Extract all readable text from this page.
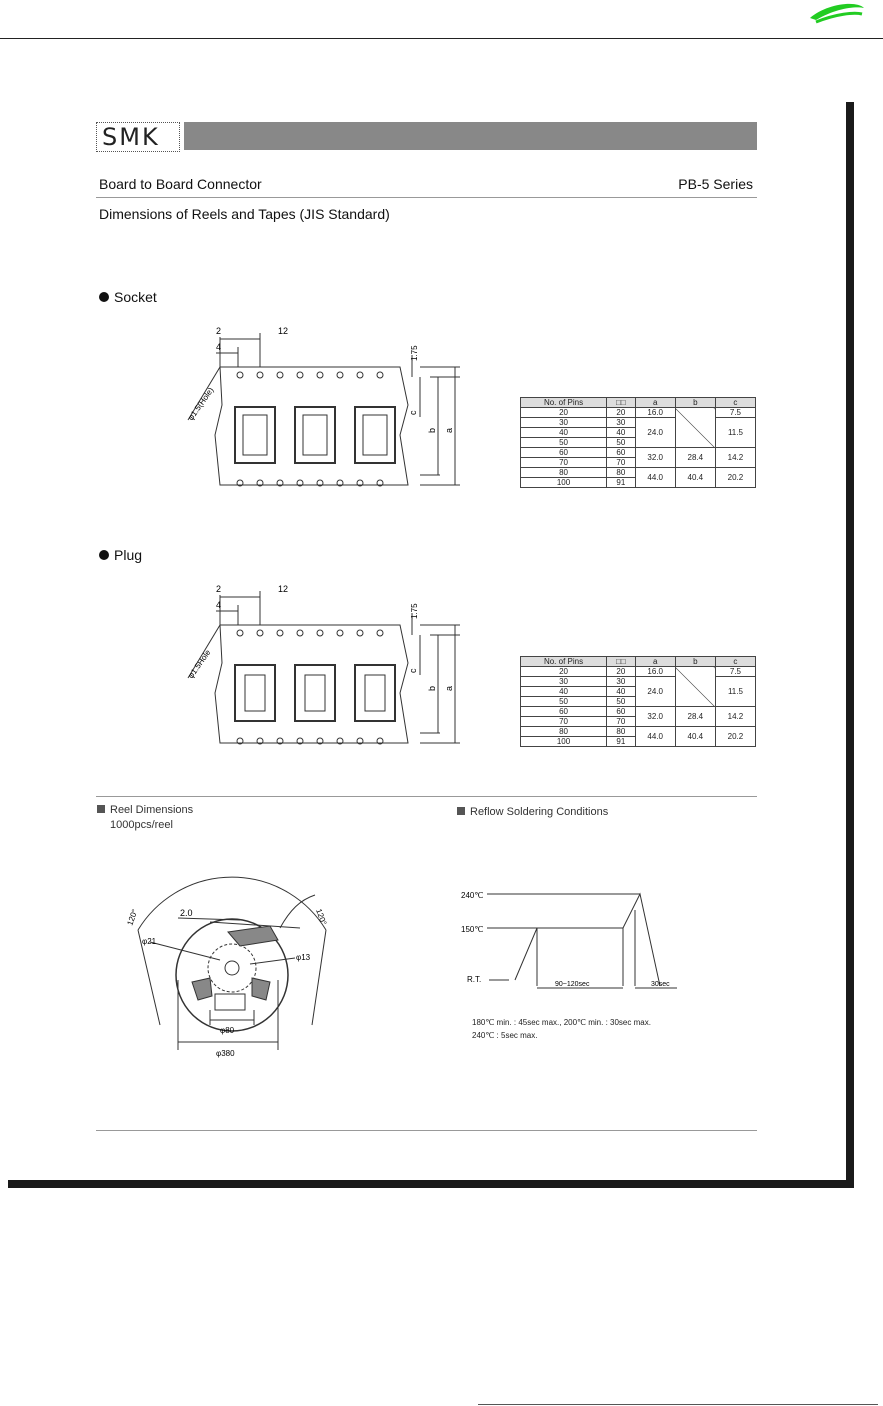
SMK
Board to Board Connector	PB-5 Series
Dimensions of Reels and Tapes (JIS Standard)
Socket
2	12
4	1.75
φ1.5(Hole)	c
b a
No. of Pins	□□	a	b	c
20	20	16.0		7.5
30	30	24.0		11.5
40	40			
50	50			
60	60	32.0	28.4	14.2
70	70			
80	80	44.0	40.4	20.2
100	91			
Plug
2	12
4	1.75
φ1.5Hole	c
b a
No. of Pins	□□	a	b	c
20	20	16.0		7.5
30	30	24.0		11.5
40	40			
50	50			
60	60	32.0	28.4	14.2
70	70			
80	80	44.0	40.4	20.2
100	91			
Reel Dimensions
1000pcs/reel
120°	120°
2.0
φ21
φ13
φ80
φ380
Reflow Soldering Conditions
240℃
150℃
R.T.
90~120sec	30sec
180℃ min. : 45sec max., 200℃ min. : 30sec max.
240℃ : 5sec max.
